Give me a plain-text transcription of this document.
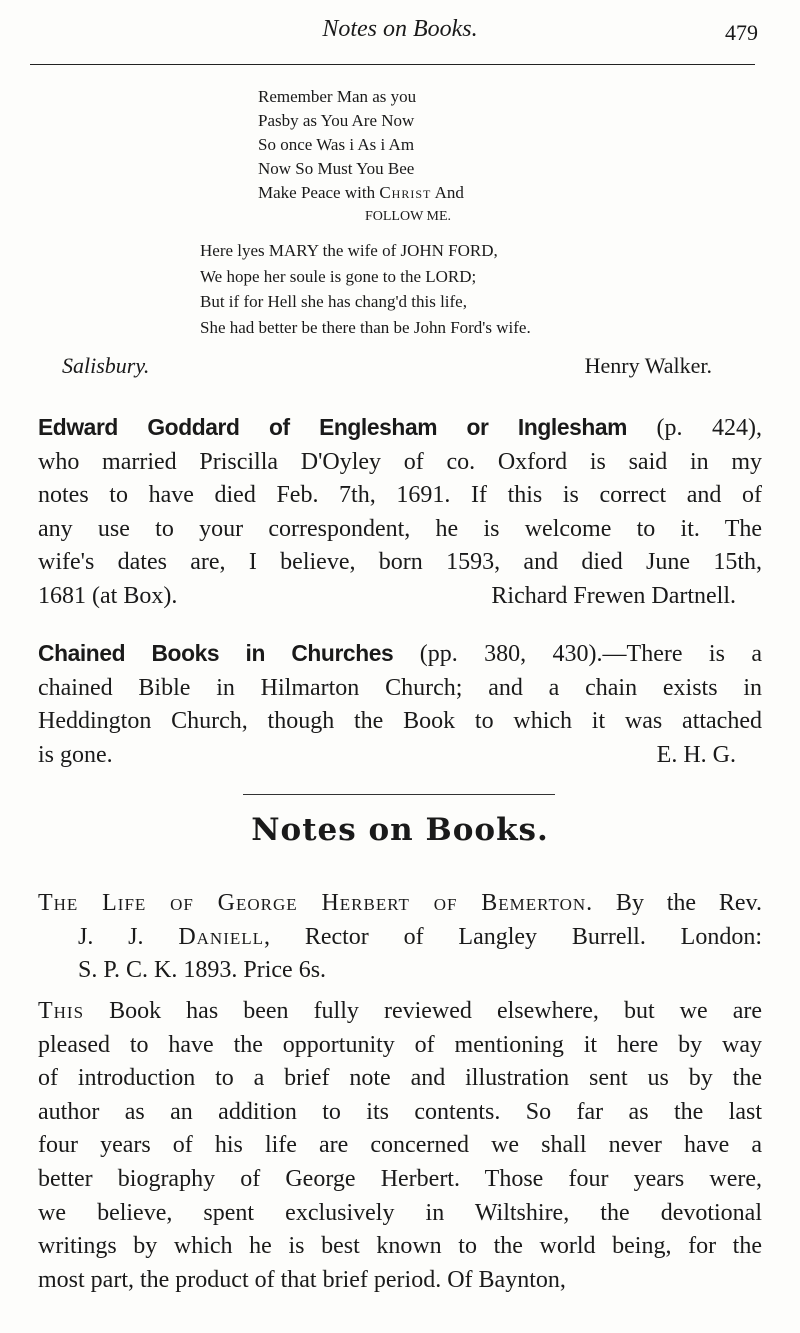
Notes on Books.	479
Remember Man as you
Pasby as You Are Now
So once Was i As i Am
Now So Must You Bee
Make Peace with Christ And
FOLLOW ME.
Here lyes MARY the wife of JOHN FORD,
We hope her soule is gone to the LORD;
But if for Hell she has chang'd this life,
She had better be there than be John Ford's wife.
Salisbury.	Henry Walker.
Edward Goddard of Englesham or Inglesham (p. 424),
who married Priscilla D'Oyley of co. Oxford is said in my
notes to have died Feb. 7th, 1691. If this is correct and of
any use to your correspondent, he is welcome to it. The
wife's dates are, I believe, born 1593, and died June 15th,
1681 (at Box).	Richard Frewen Dartnell.
Chained Books in Churches (pp. 380, 430).—There is a
chained Bible in Hilmarton Church; and a chain exists in
Heddington Church, though the Book to which it was attached
is gone.	E. H. G.
Notes on Books.
The Life of George Herbert of Bemerton. By the Rev.
J. J. Daniell, Rector of Langley Burrell. London:
S. P. C. K. 1893. Price 6s.
This Book has been fully reviewed elsewhere, but we are
pleased to have the opportunity of mentioning it here by way
of introduction to a brief note and illustration sent us by the
author as an addition to its contents. So far as the last
four years of his life are concerned we shall never have a
better biography of George Herbert. Those four years were,
we believe, spent exclusively in Wiltshire, the devotional
writings by which he is best known to the world being, for the
most part, the product of that brief period. Of Baynton,
